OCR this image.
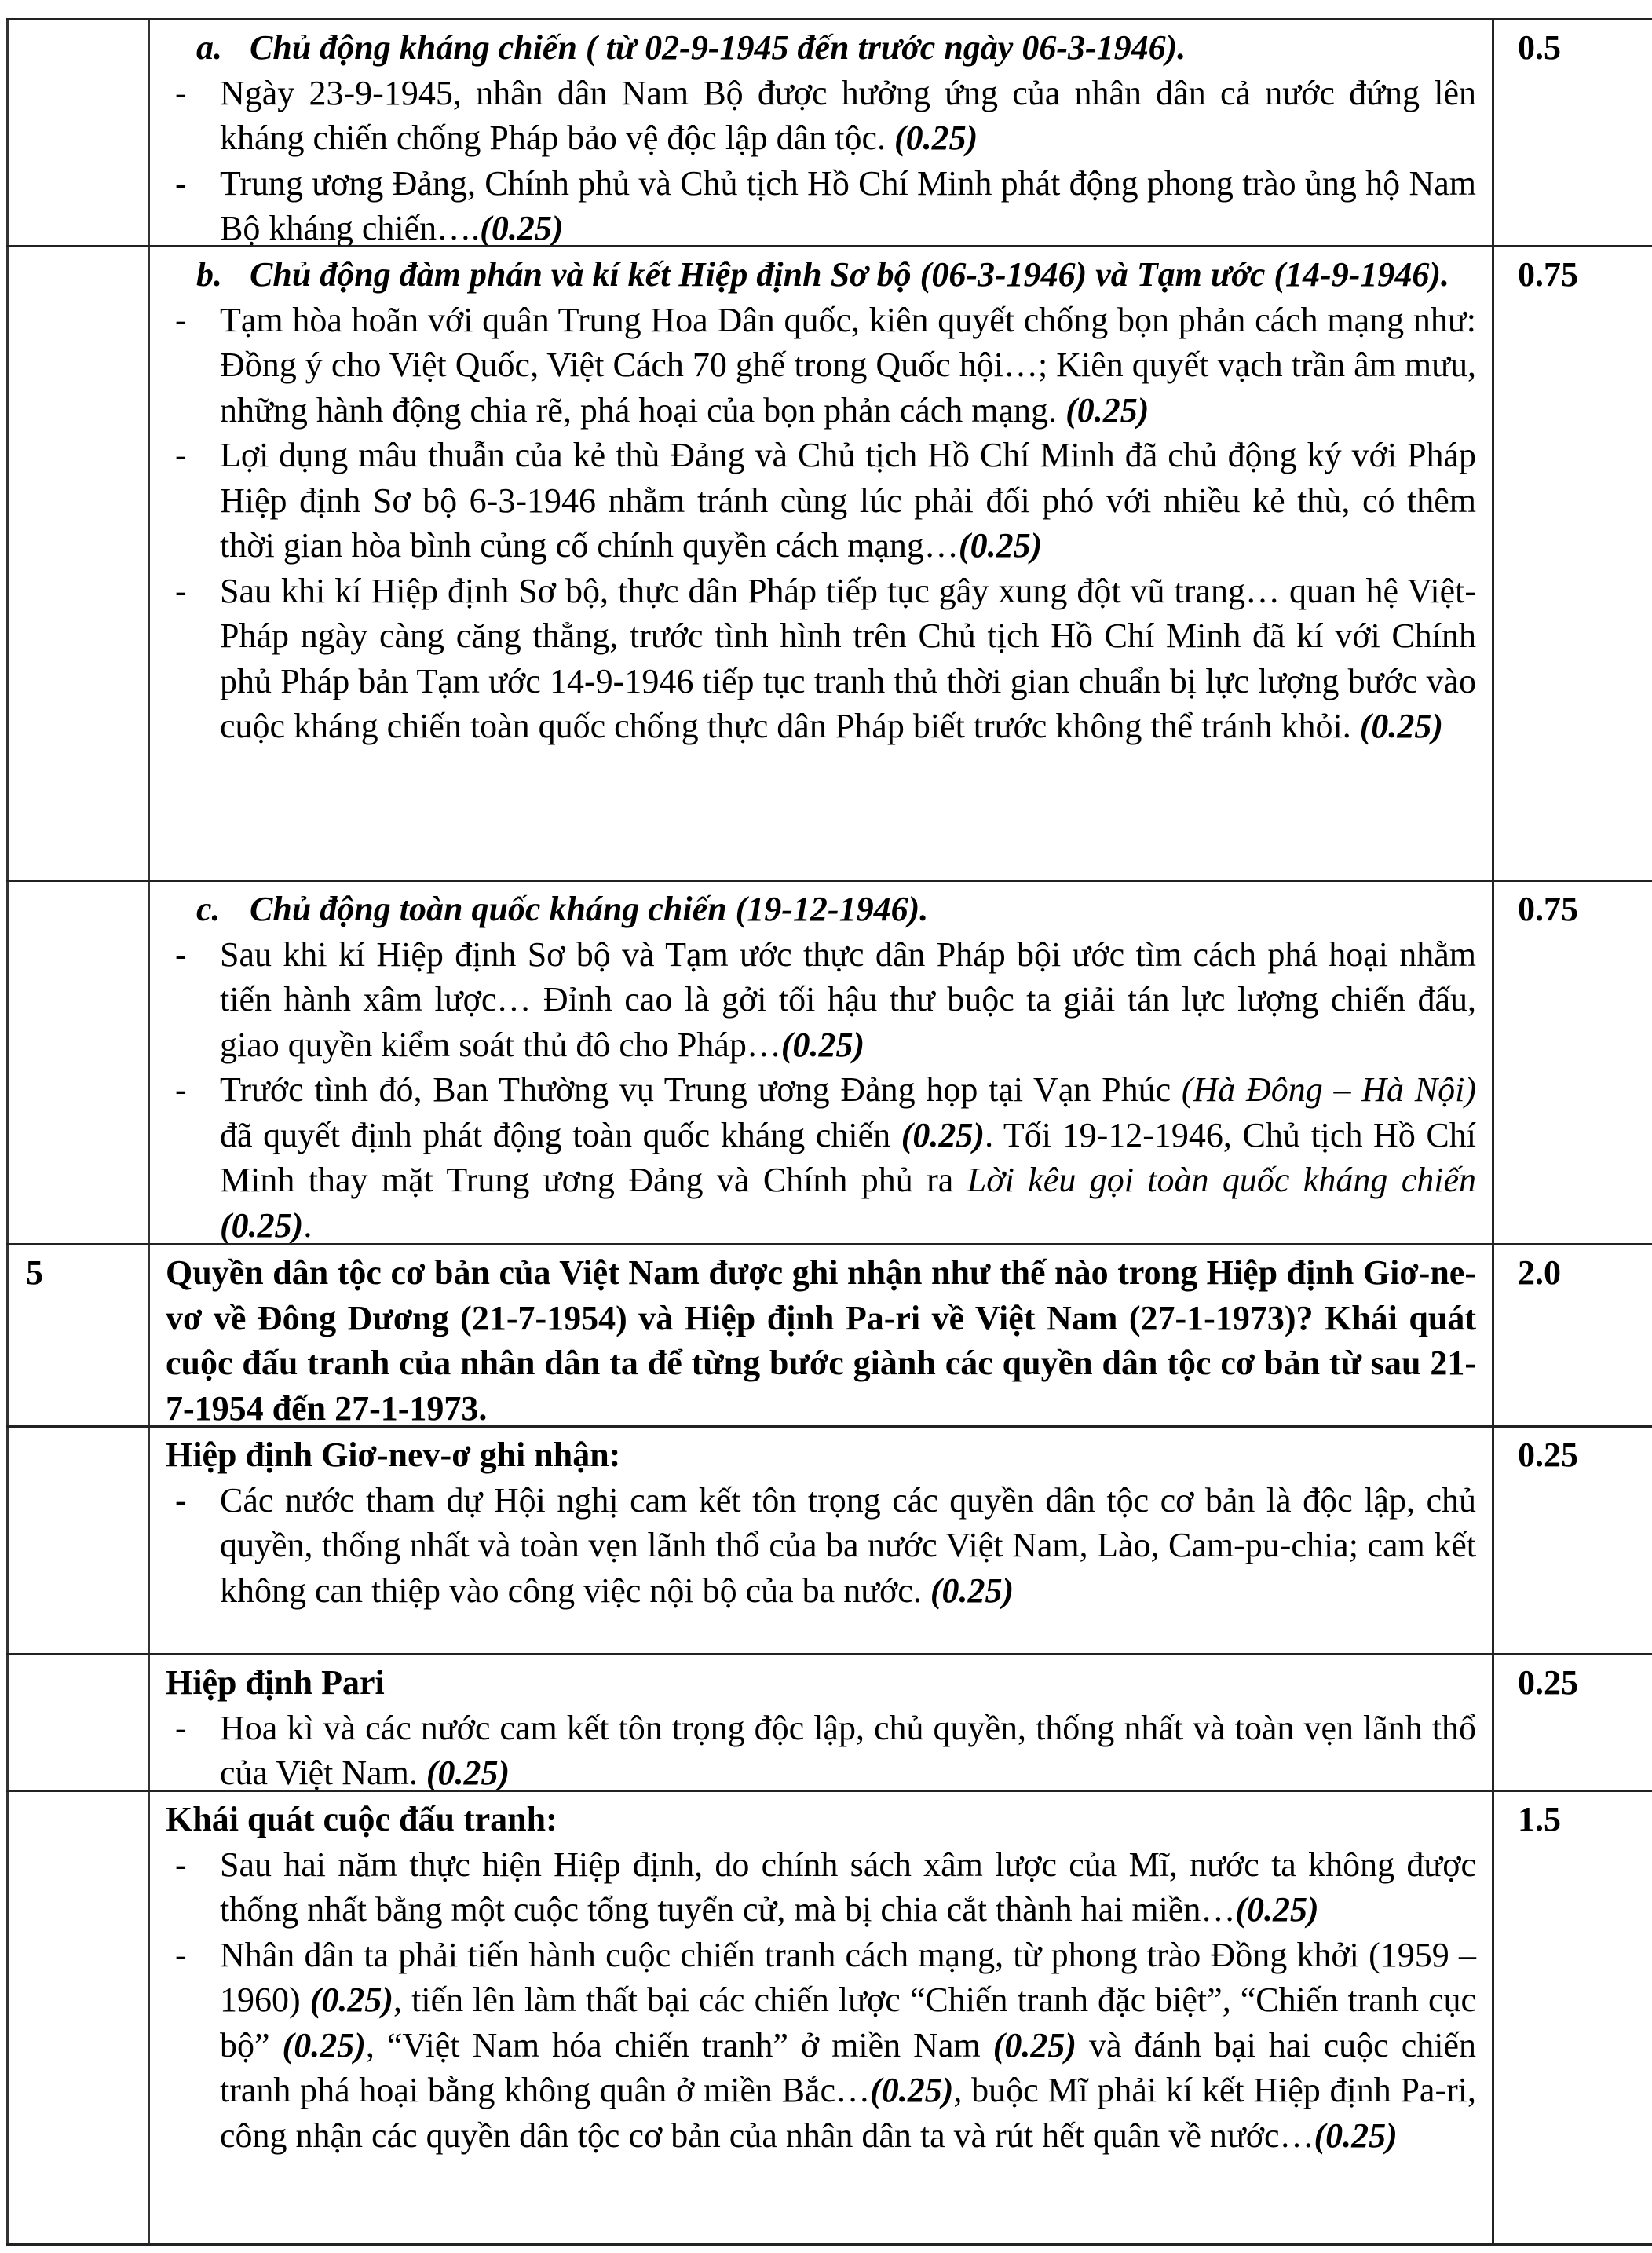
a. Chủ động kháng chiến ( từ 02-9-1945 đến trước ngày 06-3-1946).
- Ngày 23-9-1945, nhân dân Nam Bộ được hưởng ứng của nhân dân cả nước đứng lên kháng chiến chống Pháp bảo vệ độc lập dân tộc. (0.25)
- Trung ương Đảng, Chính phủ và Chủ tịch Hồ Chí Minh phát động phong trào ủng hộ Nam Bộ kháng chiến….(0.25)
0.5
b. Chủ động đàm phán và kí kết Hiệp định Sơ bộ (06-3-1946) và Tạm ước (14-9-1946).
- Tạm hòa hoãn với quân Trung Hoa Dân quốc, kiên quyết chống bọn phản cách mạng như: Đồng ý cho Việt Quốc, Việt Cách 70 ghế trong Quốc hội…; Kiên quyết vạch trần âm mưu, những hành động chia rẽ, phá hoại của bọn phản cách mạng. (0.25)
- Lợi dụng mâu thuẫn của kẻ thù Đảng và Chủ tịch Hồ Chí Minh đã chủ động ký với Pháp Hiệp định Sơ bộ 6-3-1946 nhằm tránh cùng lúc phải đối phó với nhiều kẻ thù, có thêm thời gian hòa bình củng cố chính quyền cách mạng…(0.25)
- Sau khi kí Hiệp định Sơ bộ, thực dân Pháp tiếp tục gây xung đột vũ trang… quan hệ Việt- Pháp ngày càng căng thẳng, trước tình hình trên Chủ tịch Hồ Chí Minh đã kí với Chính phủ Pháp bản Tạm ước 14-9-1946 tiếp tục tranh thủ thời gian chuẩn bị lực lượng bước vào cuộc kháng chiến toàn quốc chống thực dân Pháp biết trước không thể tránh khỏi. (0.25)
0.75
c. Chủ động toàn quốc kháng chiến (19-12-1946).
- Sau khi kí Hiệp định Sơ bộ và Tạm ước thực dân Pháp bội ước tìm cách phá hoại nhằm tiến hành xâm lược… Đỉnh cao là gởi tối hậu thư buộc ta giải tán lực lượng chiến đấu, giao quyền kiểm soát thủ đô cho Pháp…(0.25)
- Trước tình đó, Ban Thường vụ Trung ương Đảng họp tại Vạn Phúc (Hà Đông – Hà Nội) đã quyết định phát động toàn quốc kháng chiến (0.25). Tối 19-12-1946, Chủ tịch Hồ Chí Minh thay mặt Trung ương Đảng và Chính phủ ra Lời kêu gọi toàn quốc kháng chiến (0.25).
0.75
5	Quyền dân tộc cơ bản của Việt Nam được ghi nhận như thế nào trong Hiệp định Giơ-ne-vơ về Đông Dương (21-7-1954) và Hiệp định Pa-ri về Việt Nam (27-1-1973)? Khái quát cuộc đấu tranh của nhân dân ta để từng bước giành các quyền dân tộc cơ bản từ sau 21-7-1954 đến 27-1-1973.
2.0
Hiệp định Giơ-nev-ơ ghi nhận:
- Các nước tham dự Hội nghị cam kết tôn trọng các quyền dân tộc cơ bản là độc lập, chủ quyền, thống nhất và toàn vẹn lãnh thổ của ba nước Việt Nam, Lào, Cam-pu-chia; cam kết không can thiệp vào công việc nội bộ của ba nước. (0.25)
0.25
Hiệp định Pari
- Hoa kì và các nước cam kết tôn trọng độc lập, chủ quyền, thống nhất và toàn vẹn lãnh thổ của Việt Nam. (0.25)
0.25
Khái quát cuộc đấu tranh:
- Sau hai năm thực hiện Hiệp định, do chính sách xâm lược của Mĩ, nước ta không được thống nhất bằng một cuộc tổng tuyển cử, mà bị chia cắt thành hai miền…(0.25)
- Nhân dân ta phải tiến hành cuộc chiến tranh cách mạng, từ phong trào Đồng khởi (1959 – 1960) (0.25), tiến lên làm thất bại các chiến lược “Chiến tranh đặc biệt”, “Chiến tranh cục bộ” (0.25), “Việt Nam hóa chiến tranh” ở miền Nam (0.25) và đánh bại hai cuộc chiến tranh phá hoại bằng không quân ở miền Bắc…(0.25), buộc Mĩ phải kí kết Hiệp định Pa-ri, công nhận các quyền dân tộc cơ bản của nhân dân ta và rút hết quân về nước…(0.25)
1.5
